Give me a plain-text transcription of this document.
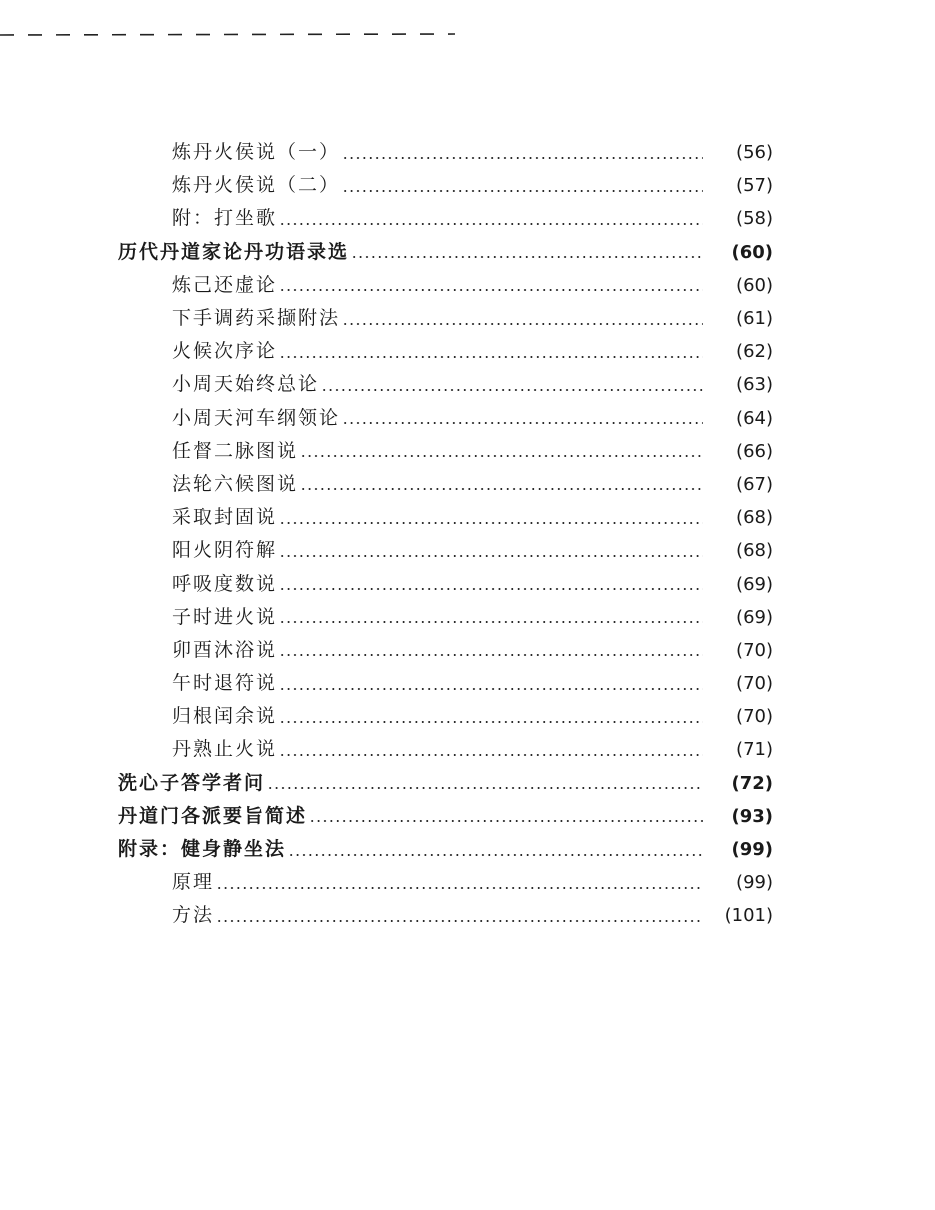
炼丹火侯说（一）	(56)
炼丹火侯说（二）	(57)
附：打坐歌	(58)
历代丹道家论丹功语录选	(60)
炼己还虚论	(60)
下手调药采撷附法	(61)
火候次序论	(62)
小周天始终总论	(63)
小周天河车纲领论	(64)
任督二脉图说	(66)
法轮六候图说	(67)
采取封固说	(68)
阳火阴符解	(68)
呼吸度数说	(69)
子时进火说	(69)
卯酉沐浴说	(70)
午时退符说	(70)
归根闰余说	(70)
丹熟止火说	(71)
洗心子答学者问	(72)
丹道门各派要旨简述	(93)
附录：健身静坐法	(99)
原理	(99)
方法	(101)
